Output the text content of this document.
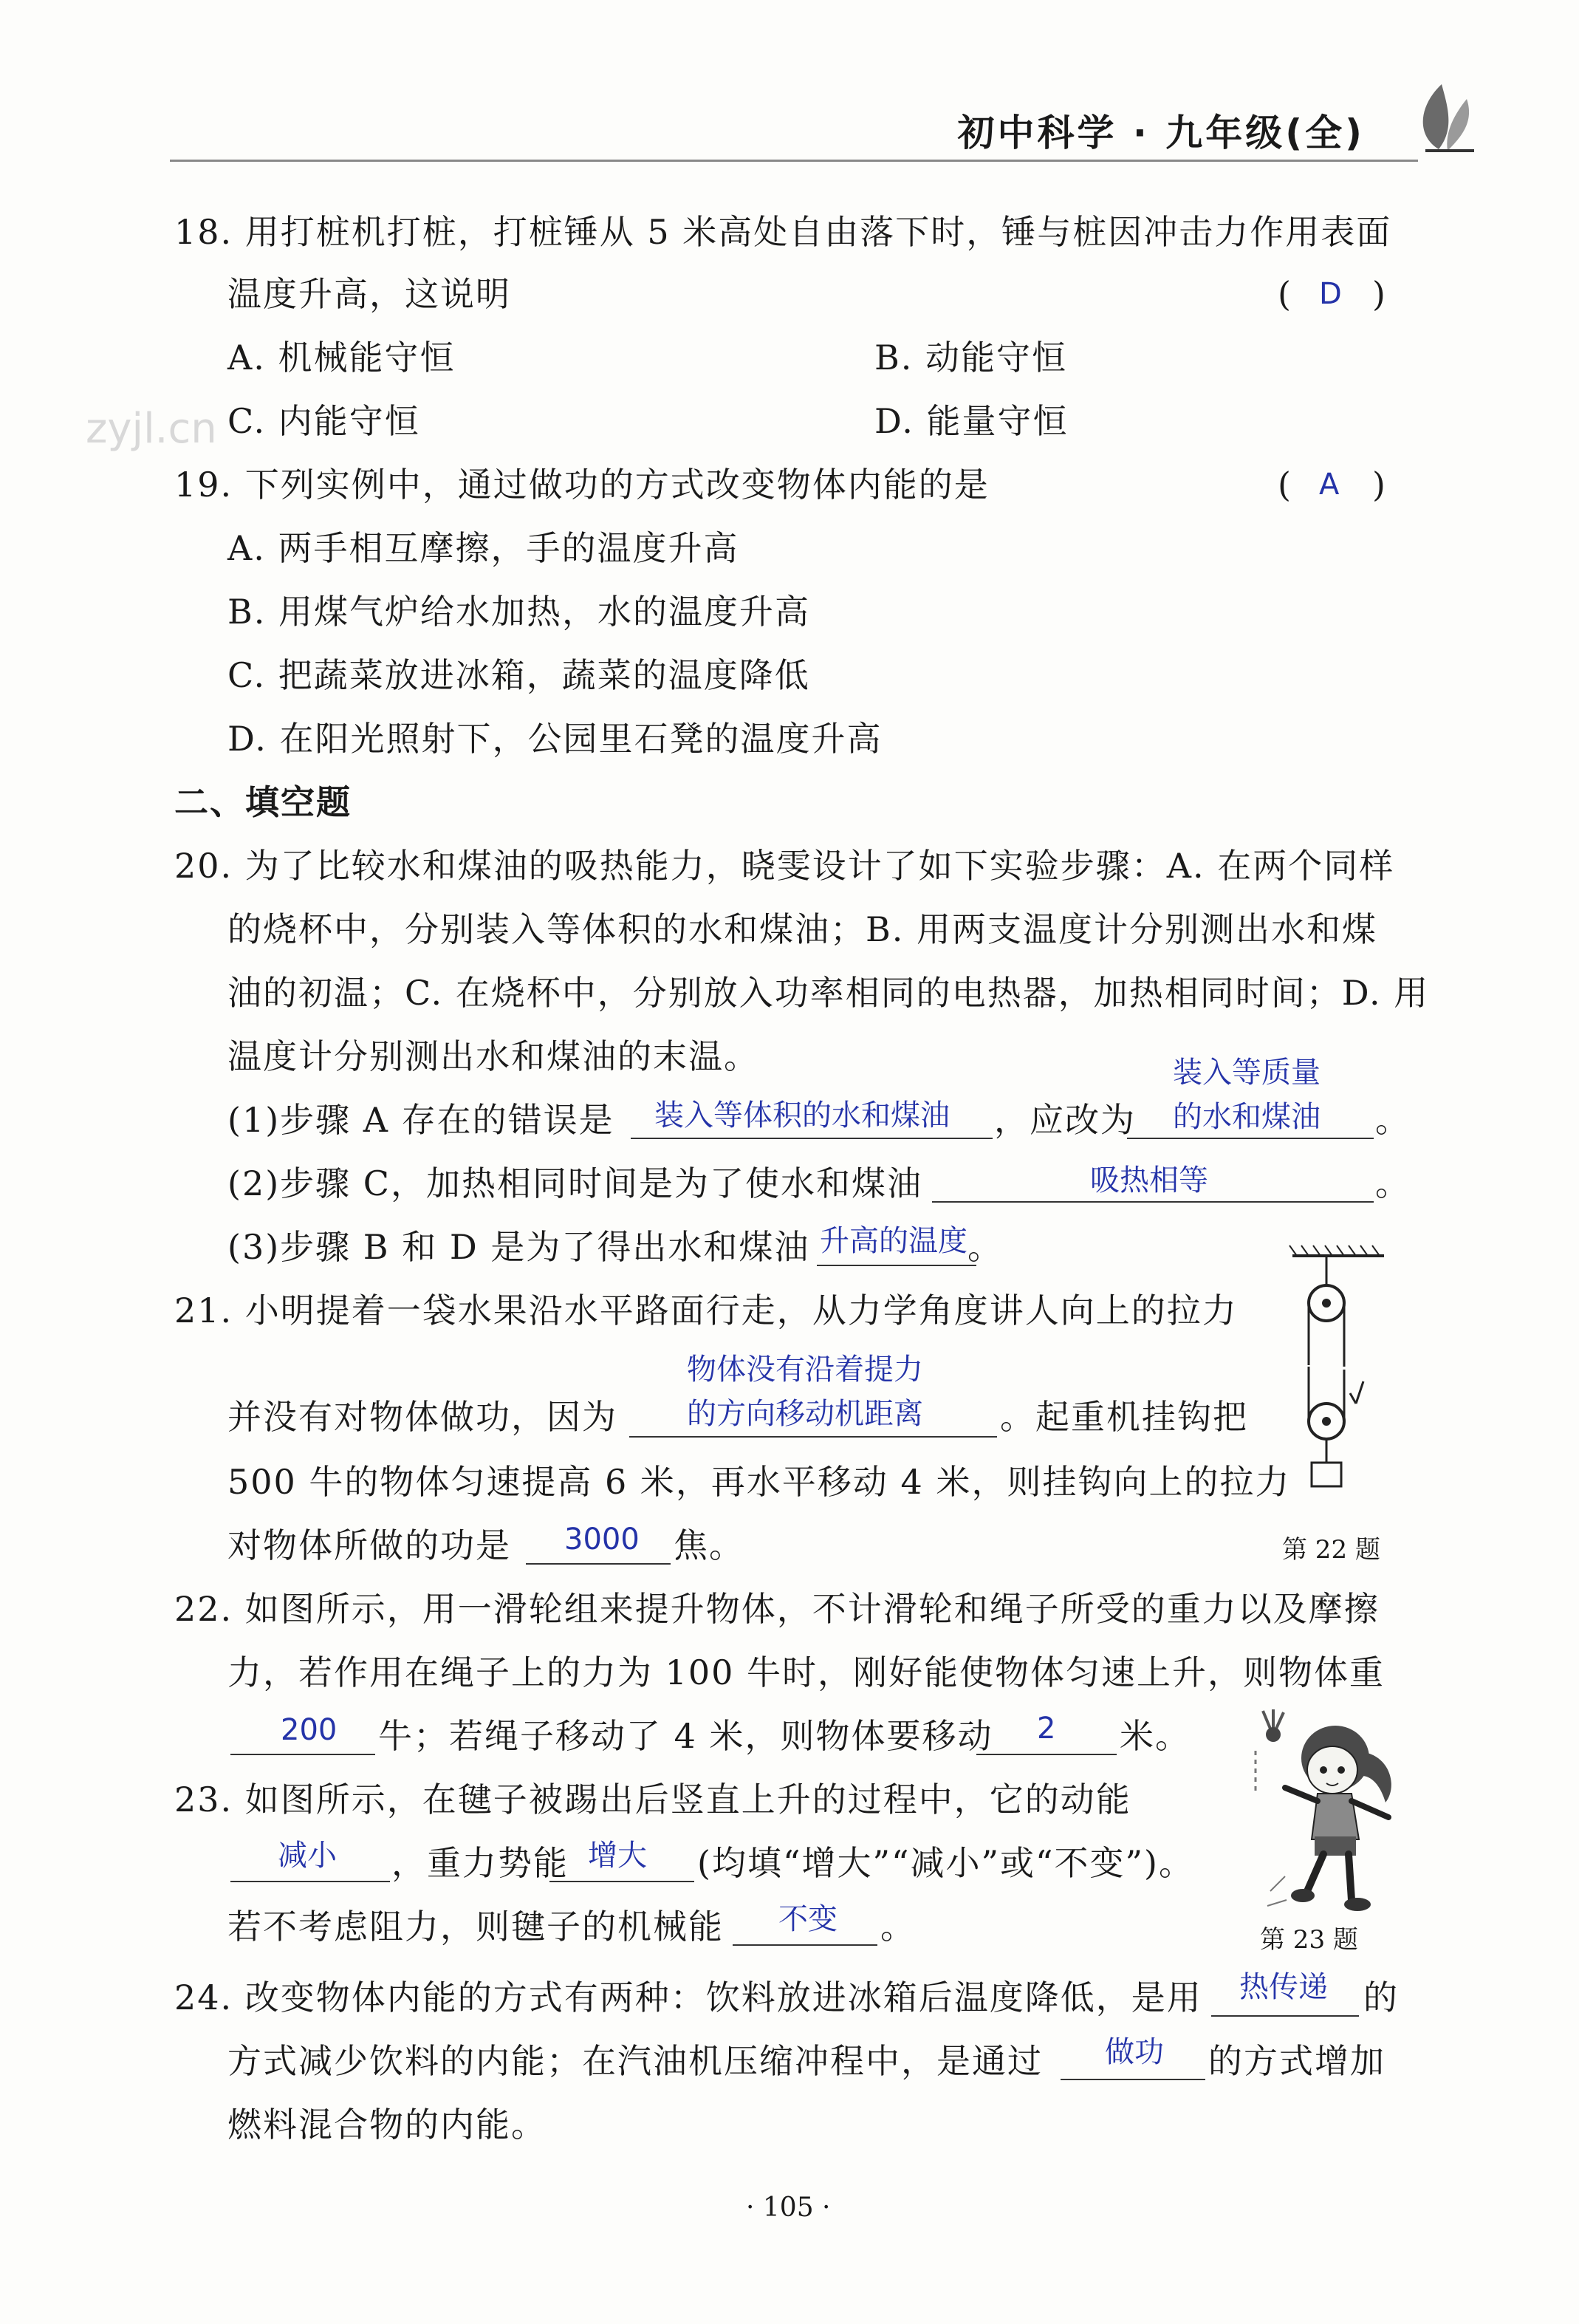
初中科学 · 九年级(全)
zyjl.cn
18. 用打桩机打桩，打桩锤从 5 米高处自由落下时，锤与桩因冲击力作用表面
温度升高，这说明	( D )
A. 机械能守恒	B. 动能守恒
C. 内能守恒	D. 能量守恒
19. 下列实例中，通过做功的方式改变物体内能的是	( A )
A. 两手相互摩擦，手的温度升高
B. 用煤气炉给水加热，水的温度升高
C. 把蔬菜放进冰箱，蔬菜的温度降低
D. 在阳光照射下，公园里石凳的温度升高
二、填空题
20. 为了比较水和煤油的吸热能力，晓雯设计了如下实验步骤：A. 在两个同样
的烧杯中，分别装入等体积的水和煤油；B. 用两支温度计分别测出水和煤
油的初温；C. 在烧杯中，分别放入功率相同的电热器，加热相同时间；D. 用
温度计分别测出水和煤油的末温。
(1)步骤 A 存在的错误是 装入等体积的水和煤油 ，应改为
装入等质量
的水和煤油 。
(2)步骤 C，加热相同时间是为了使水和煤油	吸热相等	。
(3)步骤 B 和 D 是为了得出水和煤油 升高的温度 。
21. 小明提着一袋水果沿水平路面行走，从力学角度讲人向上的拉力
并没有对物体做功，因为
物体没有沿着提力
的方向移动机距离 。起重机挂钩把
500 牛的物体匀速提高 6 米，再水平移动 4 米，则挂钩向上的拉力
对物体所做的功是 3000 焦。	第 22 题
22. 如图所示，用一滑轮组来提升物体，不计滑轮和绳子所受的重力以及摩擦
力，若作用在绳子上的力为 100 牛时，刚好能使物体匀速上升，则物体重
200 牛；若绳子移动了 4 米，则物体要移动 2 米。
第 23 题
23. 如图所示，在毽子被踢出后竖直上升的过程中，它的动能
减小 ，重力势能 增大 (均填“增大”“减小”或“不变”)。
若不考虑阻力，则毽子的机械能 不变 。
24. 改变物体内能的方式有两种：饮料放进冰箱后温度降低，是用 热传递 的
方式减少饮料的内能；在汽油机压缩冲程中，是通过 做功 的方式增加
燃料混合物的内能。
· 105 ·
